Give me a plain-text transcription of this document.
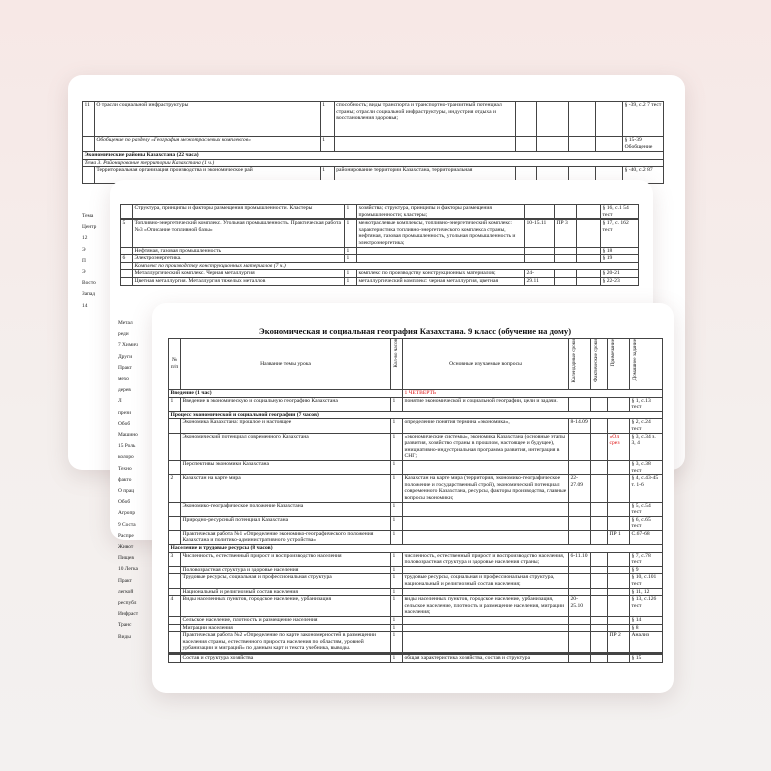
11	О трасли социальной инфраструктуры	1	способность; виды транспорта и транспортно-транзитный потенциал страны; отрасли социальной инфраструктуры, индустрия отдыха и восстановления здоровья;					§ -39, с.2 7 тест
	Обобщение по разделу «География межотраслевых комплексов»	1						§ 15-39 Обобщение
Экономические районы Казахстана (22 часа)								
Тема 3. Районирование территории Казахстана (1 ч.)								
	Территориальная организация производства и экономическое рай	1	районирование территории Казахстана, территориальная					§ -40, с.2 87
Тема
Центр
12
Э
П
Э
Восто
Запад
14
	Структура, принципы и факторы размещения промышленности. Кластеры	1	хозяйства; структура, принципы и факторы размещения промышленности; кластеры;				§ 16, с.1 54 тест

5	Топливно-энергетический комплекс. Угольная промышленность. Практическая работа №3 «Описание топливной базы»	1	межотраслевые комплексы, топливно-энергетический комплекс: характеристика топливно-энергетического комплекса страны, нефтяная, газовая промышленность, угольная промышленность и электроэнергетика;	10-15.11	ПР 3		§ 17, с. 162 тест
	Нефтяная, газовая промышленность	1					§ 18
6	Электроэнергетика.	1					§ 19
	Комплекс по производству конструкционных материалов (7 ч.)						
	Металлургический комплекс. Черная металлургия	1	комплекс по производству конструкционных материалов;	24-			§ 20-21
	Цветная металлургия. Металлургия тяжелых металлов	1	металлургический комплекс: черная металлургия, цветная	29.11			§ 22-23
Метал
реди
7 Химич
Други
Практ
мехо
дерев
Л
прези
Обоб
Машино
15 Роль
колоро
Техно
факто
О прац
Обоб
Агропр
9 Соста
Распре
Живот
Пищев
10 Легка
Практ
легкой
республ
Инфраст
Транс
Виды
Экономическая и социальная география Казахстана. 9 класс (обучение на дому)
№ п/п	Название темы урока	Кол-во часов	Основные изучаемые вопросы	Календарные сроки	Фактические сроки	Примечание	Домашнее задание

Введение (1 час)			1 ЧЕТВЕРТЬ				
1	Введение в экономическую и социальную географию Казахстана	1	понятие экономической и социальной географии, цели и задачи.				§ 1, с.13 тест
Процесс экономической и социальной географии (7 часов)							
	Экономика Казахстана: прошлое и настоящее	1	определение понятия термина «экономика»,	8-14.09			§ 2, с.24 тест
	Экономический потенциал современного Казахстана	1	«экономические системы», экономика Казахстана (основные этапы развития, хозяйство страны в прошлом, настоящее и будущее), инициативно-индустриальная программа развития, интеграция в СНГ;			«Ол срез	§ 3, с.34 з. 3, 4
	Перспективы экономики Казахстана	1					§ 3, с.38 тест
2	Казахстан на карте мира	1	Казахстан на карте мира (территория, экономико-географическое положение и государственный строй), экономический потенциал современного Казахстана, ресурсы, факторы производства, главные вопросы экономики;	22-27.09			§ 4, с.43-45 т. 1-6
	Экономико-географическое положение Казахстана	1					§ 5, с.54 тест
	Природно-ресурсный потенциал Казахстана	1					§ 6, с.65 тест
	Практическая работа №1 «Определение экономико-географического положения Казахстана и политико-административного устройства»	1				ПР 1	С.67-68
Население и трудовые ресурсы (8 часов)							
3	Численность, естественный прирост и воспроизводство населения	1	численность, естественный прирост и воспроизводство населения, половозрастная структура и здоровье населения страны;	6-11.10			§ 7, с.78 тест
	Половозрастная структура и здоровье населения	1					§ 9
	Трудовые ресурсы, социальная и профессиональная структура	1	трудовые ресурсы, социальная и профессиональная структура, национальный и религиозный состав населения;				§ 10, с.101 тест
	Национальный и религиозный состав населения	1					§ 11, 12
4	Виды населенных пунктов, городское население, урбанизация	1	виды населенных пунктов, городское население, урбанизация, сельское население, плотность и размещение населения, миграции населения;	20-25.10			§ 13, с.126 тест
	Сельское население, плотность и размещение населения	1					§ 14
	Миграции населения	1					§ 8
	Практическая работа №2 «Определение по карте закономерностей в размещении населения страны, естественного прироста населения по областям, уровней урбанизации и миграций» по данным карт и текста учебника, выводы.	1				ПР 2	Анализ

	Состав и структура хозяйства	1	общая характеристика хозяйства, состав и структура				§ 15
